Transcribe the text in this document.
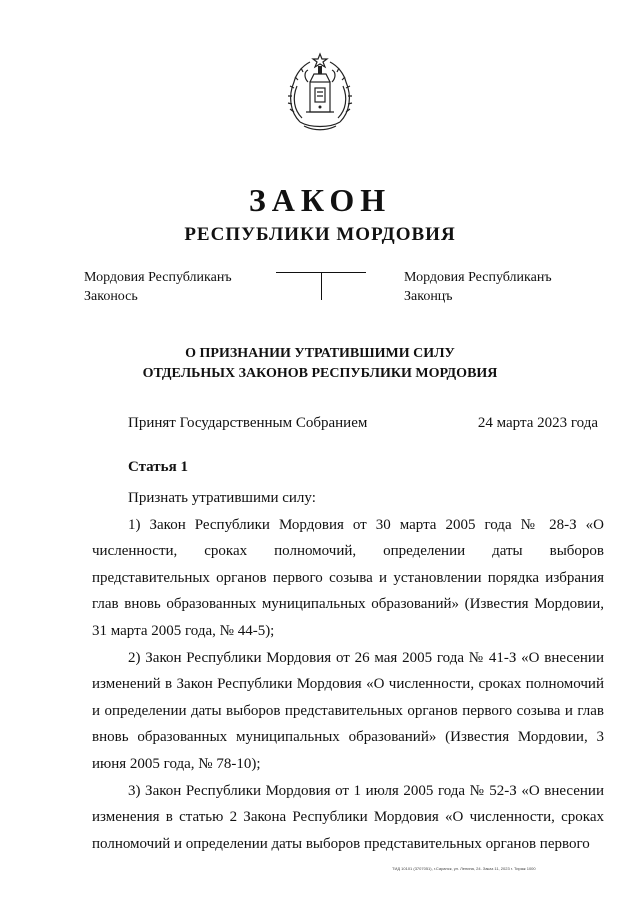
ЗАКОН
РЕСПУБЛИКИ МОРДОВИЯ
Мордовия Республиканъ
Законось
Мордовия Республиканъ
Законцъ
О ПРИЗНАНИИ УТРАТИВШИМИ СИЛУ
ОТДЕЛЬНЫХ ЗАКОНОВ РЕСПУБЛИКИ МОРДОВИЯ
Принят Государственным Собранием	24 марта 2023 года
Статья 1

Признать утратившими силу:

1) Закон Республики Мордовия от 30 марта 2005 года № 28-З «О численности, сроках полномочий, определении даты выборов представительных органов первого созыва и установлении порядка избрания глав вновь образованных муниципальных образований» (Известия Мордовии, 31 марта 2005 года, № 44-5);

2) Закон Республики Мордовия от 26 мая 2005 года № 41-З «О внесении изменений в Закон Республики Мордовия «О численности, сроках полномочий и определении даты выборов представительных органов первого созыва и глав вновь образованных муниципальных образований» (Известия Мордовии, 3 июня 2005 года, № 78-10);

3) Закон Республики Мордовия от 1 июля 2005 года № 52-З «О внесении изменения в статью 2 Закона Республики Мордовия «О численности, сроках полномочий и определении даты выборов представительных органов первого

ТИД 10101 (3707051), г.Саранск, ул. Ленина, 24. Заказ 11, 2023 г. Тираж 1000
